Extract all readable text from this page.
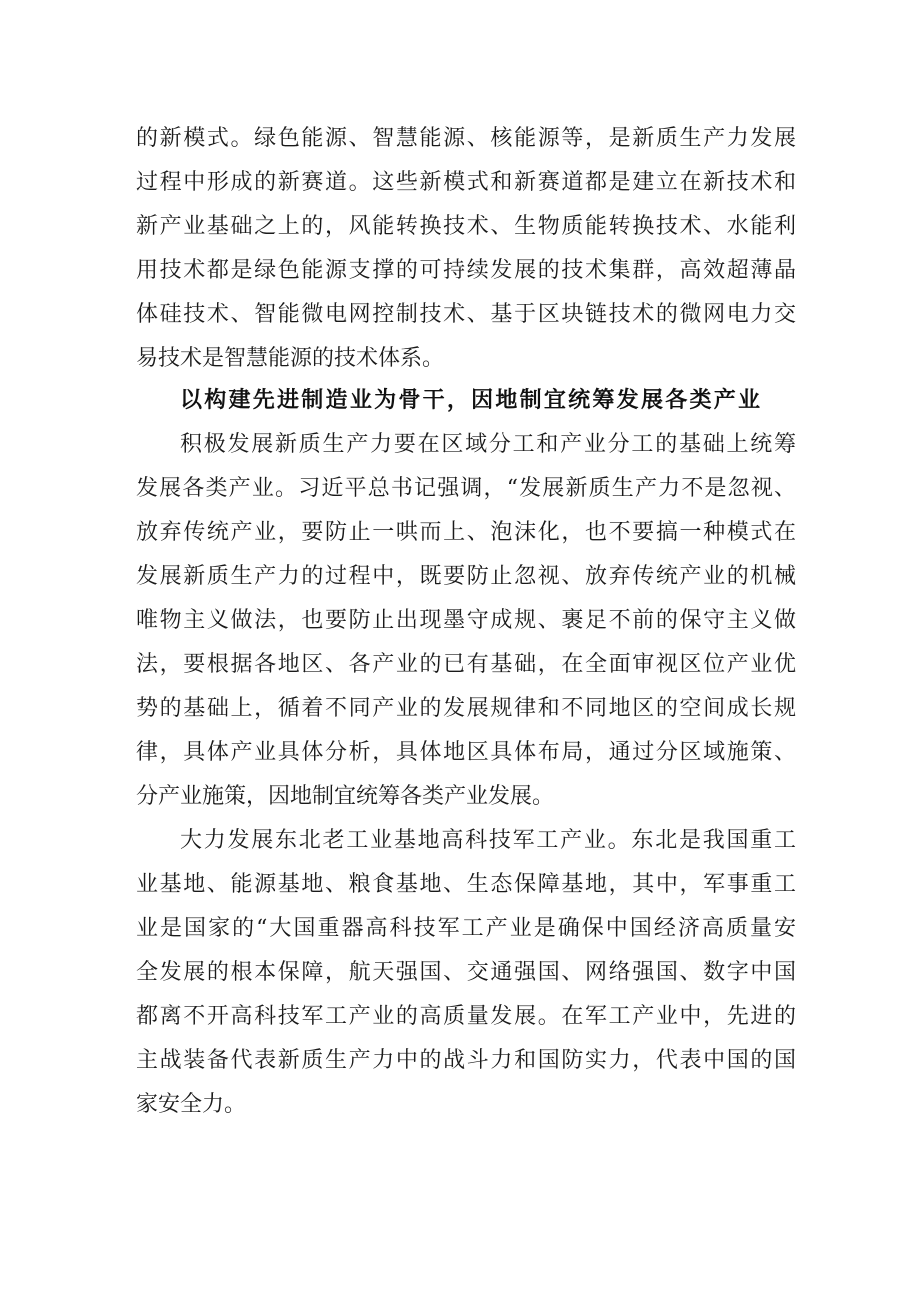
的新模式。绿色能源、智慧能源、核能源等，是新质生产力发展
过程中形成的新赛道。这些新模式和新赛道都是建立在新技术和
新产业基础之上的，风能转换技术、生物质能转换技术、水能利
用技术都是绿色能源支撑的可持续发展的技术集群，高效超薄晶
体硅技术、智能微电网控制技术、基于区块链技术的微网电力交
易技术是智慧能源的技术体系。
以构建先进制造业为骨干，因地制宜统筹发展各类产业
积极发展新质生产力要在区域分工和产业分工的基础上统筹
发展各类产业。习近平总书记强调，“发展新质生产力不是忽视、
放弃传统产业，要防止一哄而上、泡沫化，也不要搞一种模式在
发展新质生产力的过程中，既要防止忽视、放弃传统产业的机械
唯物主义做法，也要防止出现墨守成规、裹足不前的保守主义做
法，要根据各地区、各产业的已有基础，在全面审视区位产业优
势的基础上，循着不同产业的发展规律和不同地区的空间成长规
律，具体产业具体分析，具体地区具体布局，通过分区域施策、
分产业施策，因地制宜统筹各类产业发展。
大力发展东北老工业基地高科技军工产业。东北是我国重工
业基地、能源基地、粮食基地、生态保障基地，其中，军事重工
业是国家的“大国重器高科技军工产业是确保中国经济高质量安
全发展的根本保障，航天强国、交通强国、网络强国、数字中国
都离不开高科技军工产业的高质量发展。在军工产业中，先进的
主战装备代表新质生产力中的战斗力和国防实力，代表中国的国
家安全力。
